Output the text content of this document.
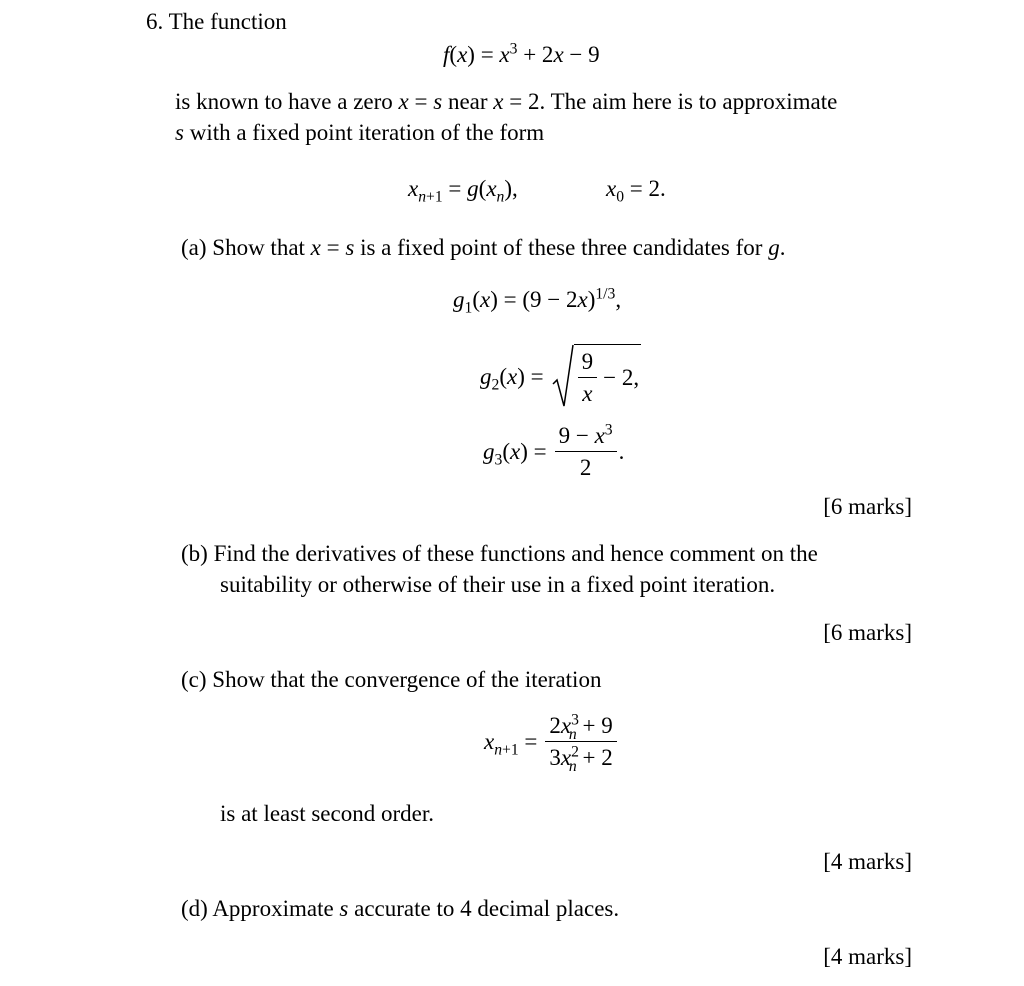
6. The function
$f(x) = x^3 + 2x - 9$
is known to have a zero x = s near x = 2. The aim here is to approximate
s with a fixed point iteration of the form
$x_{n+1} = g(x_n)$,	$x_0 = 2$.
(a) Show that x = s is a fixed point of these three candidates for g.
$g_1(x) = (9 - 2x)^{1/3}$,
$g_2(x) = \frac{9}{x} - 2$,
$g_3(x) = \frac{9 - x^3}{2}$ .
[6 marks]
(b) Find the derivatives of these functions and hence comment on the
suitability or otherwise of their use in a fixed point iteration.
[6 marks]
(c) Show that the convergence of the iteration
$x_{n+1} = \frac{2x^3_n + 9}{3x^2_n + 2}$
is at least second order.
[4 marks]
(d) Approximate s accurate to 4 decimal places.
[4 marks]
